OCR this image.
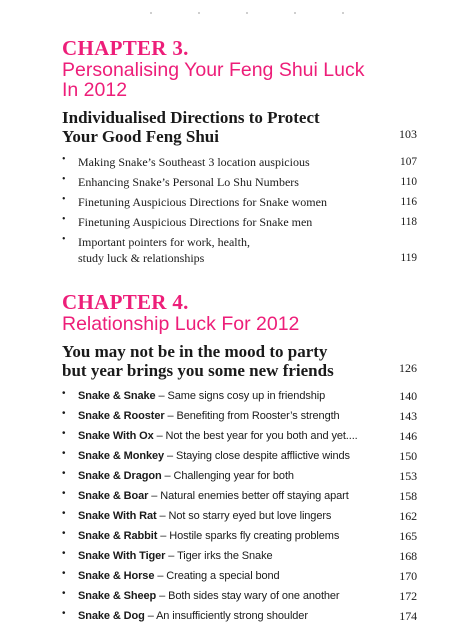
CHAPTER 3.
Personalising Your Feng Shui Luck
In 2012
Individualised Directions to Protect
Your Good Feng Shui	103
• Making Snake’s Southeast 3 location auspicious	107
• Enhancing Snake’s Personal Lo Shu Numbers	110
• Finetuning Auspicious Directions for Snake women	116
• Finetuning Auspicious Directions for Snake men	118
• Important pointers for work, health,
study luck & relationships	119
CHAPTER 4.
Relationship Luck For 2012
You may not be in the mood to party
but year brings you some new friends	126
• Snake & Snake – Same signs cosy up in friendship	140
• Snake & Rooster – Benefiting from Rooster’s strength	143
• Snake With Ox – Not the best year for you both and yet....	146
• Snake & Monkey – Staying close despite afflictive winds	150
• Snake & Dragon – Challenging year for both	153
• Snake & Boar – Natural enemies better off staying apart	158
• Snake With Rat – Not so starry eyed but love lingers	162
• Snake & Rabbit – Hostile sparks fly creating problems	165
• Snake With Tiger – Tiger irks the Snake	168
• Snake & Horse – Creating a special bond	170
• Snake & Sheep – Both sides stay wary of one another	172
• Snake & Dog – An insufficiently strong shoulder	174
